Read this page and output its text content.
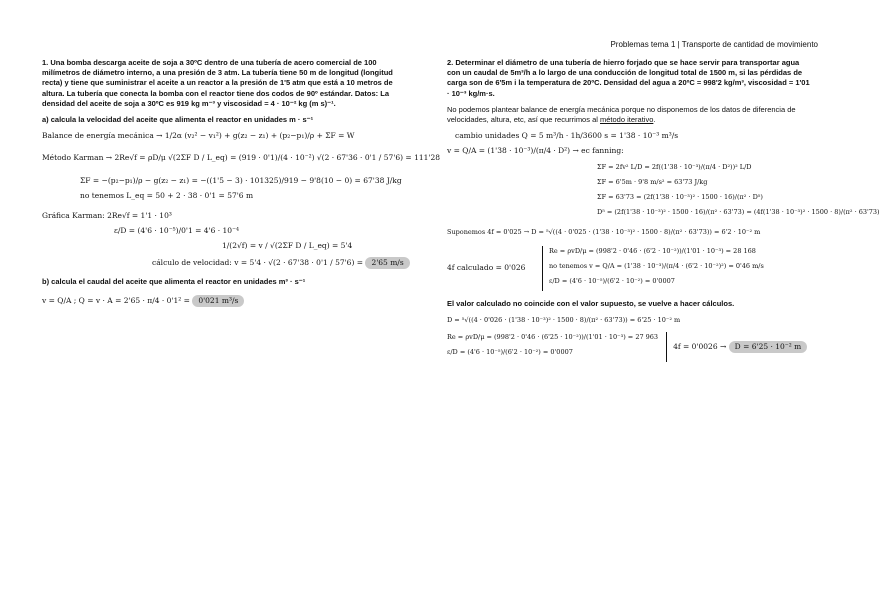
Problemas tema 1 | Transporte de cantidad de movimiento

1. Una bomba descarga aceite de soja a 30ºC dentro de una tubería de acero comercial de 100 milímetros de diámetro interno, a una presión de 3 atm. La tubería tiene 50 m de longitud (longitud recta) y tiene que suministrar el aceite a un reactor a la presión de 1'5 atm que está a 10 metros de altura. La tubería que conecta la bomba con el reactor tiene dos codos de 90º estándar. Datos: La densidad del aceite de soja a 30ºC es 919 kg m⁻³ y viscosidad = 4 · 10⁻² kg (m s)⁻¹.

a) calcula la velocidad del aceite que alimenta el reactor en unidades m · s⁻¹

Balance de energía mecánica → 1/2α (v₂² − v₁²) + g(z₂ − z₁) + (p₂−p₁)/ρ + ΣF = W
Método Karman → 2Re√f = ρD/μ √(2ΣF D / L_eq) = (919 · 0'1)/(4 · 10⁻²) √(2 · 67'36 · 0'1 / 57'6) = 111'28
ΣF = −(p₂−p₁)/ρ − g(z₂ − z₁) = −((1'5 − 3) · 101325)/919 − 9'8(10 − 0) = 67'38 J/kg
no tenemos L_eq = 50 + 2 · 38 · 0'1 = 57'6 m
Gráfica Karman: 2Re√f = 1'1 · 10³
ε/D = (4'6 · 10⁻⁵)/0'1 = 4'6 · 10⁻⁴
1/(2√f) = v / √(2ΣF D / L_eq) = 5'4
cálculo de velocidad: v = 5'4 · √(2 · 67'38 · 0'1 / 57'6) = 2'65 m/s

b) calcula el caudal del aceite que alimenta el reactor en unidades m³ · s⁻¹

v = Q/A ; Q = v · A = 2'65 · π/4 · 0'1² = 0'021 m³/s

2. Determinar el diámetro de una tubería de hierro forjado que se hace servir para transportar agua con un caudal de 5m³/h a lo largo de una conducción de longitud total de 1500 m, si las pérdidas de carga son de 6'5m i la temperatura de 20ºC. Densidad del agua a 20ºC = 998'2 kg/m³, viscosidad = 1'01 · 10⁻³ kg/m·s.

No podemos plantear balance de energía mecánica porque no disponemos de los datos de diferencia de velocidades, altura, etc, así que recurrimos al método iterativo.

cambio unidades Q = 5 m³/h · 1h/3600 s = 1'38 · 10⁻³ m³/s
v = Q/A = (1'38 · 10⁻³)/(π/4 · D²) → ec fanning:
ΣF = 2fv² L/D = 2f((1'38 · 10⁻³)/(π/4 · D²))² L/D
ΣF = 6'5m · 9'8 m/s² = 63'73 J/kg
ΣF = 63'73 = (2f(1'38 · 10⁻³)² · 1500 · 16)/(π² · D⁵)
D⁵ = (2f(1'38 · 10⁻³)² · 1500 · 16)/(π² · 63'73) = (4f(1'38 · 10⁻³)² · 1500 · 8)/(π² · 63'73)
Suponemos 4f = 0'025 → D = ⁵√((4 · 0'025 · (1'38 · 10⁻³)² · 1500 · 8)/(π² · 63'73)) = 6'2 · 10⁻² m
4f calculado = 0'026
Re = ρvD/μ = (998'2 · 0'46 · (6'2 · 10⁻²))/(1'01 · 10⁻³) = 28 168
no tenemos v = Q/A = (1'38 · 10⁻³)/(π/4 · (6'2 · 10⁻²)²) = 0'46 m/s
ε/D = (4'6 · 10⁻⁵)/(6'2 · 10⁻²) = 0'0007

El valor calculado no coincide con el valor supuesto, se vuelve a hacer cálculos.

D = ⁵√((4 · 0'026 · (1'38 · 10⁻³)² · 1500 · 8)/(π² · 63'73)) = 6'25 · 10⁻² m
Re = ρvD/μ = (998'2 · 0'46 · (6'25 · 10⁻²))/(1'01 · 10⁻³) = 27 963
ε/D = (4'6 · 10⁻⁵)/(6'2 · 10⁻²) = 0'0007
4f = 0'0026 → D = 6'25 · 10⁻² m
